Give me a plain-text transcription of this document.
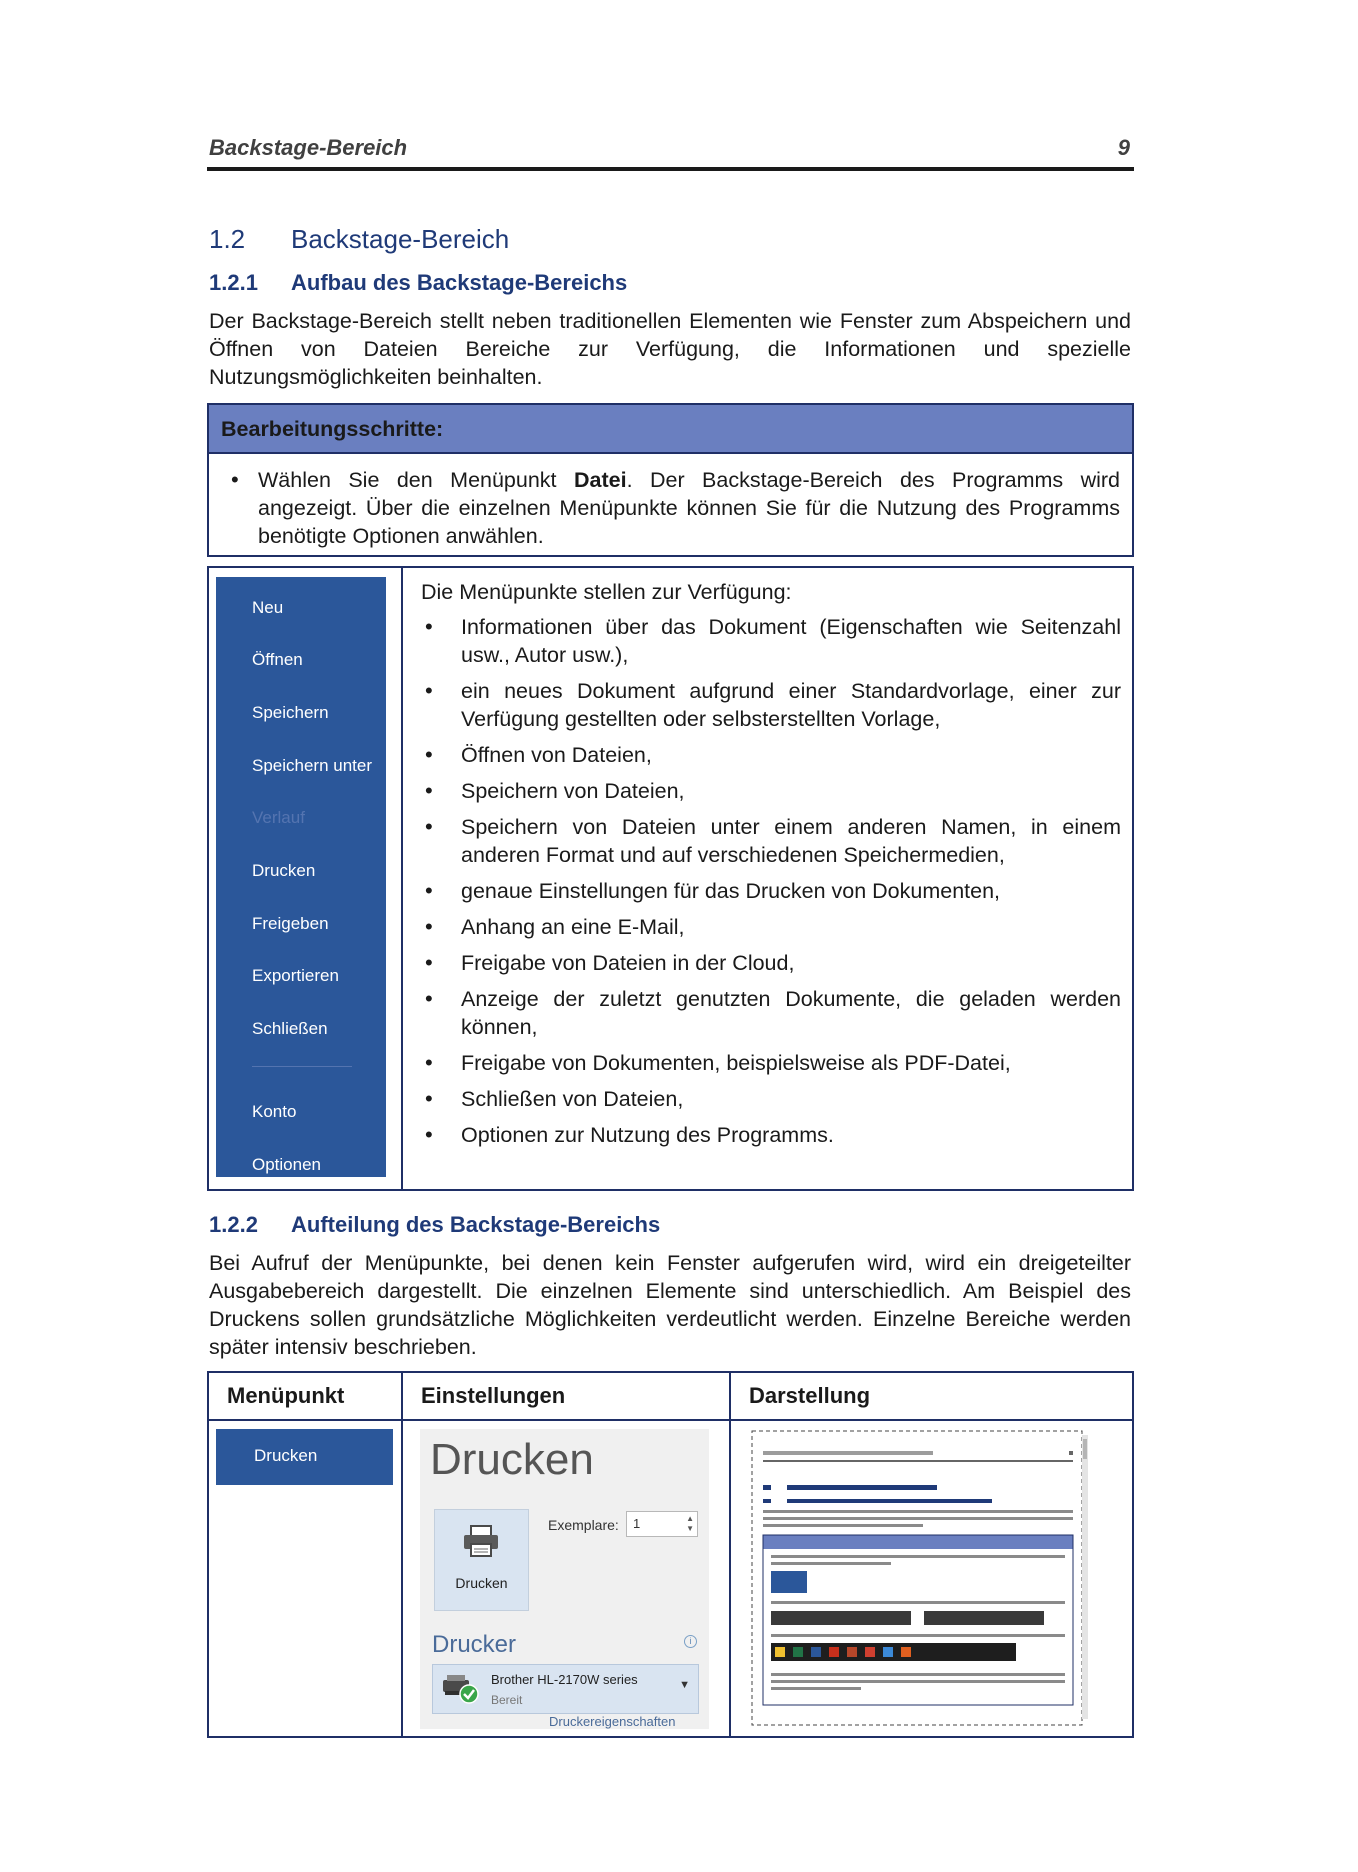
Backstage-Bereich	9
1.2 Backstage-Bereich
1.2.1 Aufbau des Backstage-Bereichs
Der Backstage-Bereich stellt neben traditionellen Elementen wie Fenster zum Abspeichern und Öffnen von Dateien Bereiche zur Verfügung, die Informationen und spezielle Nutzungsmöglichkeiten beinhalten.
Bearbeitungsschritte:
• Wählen Sie den Menüpunkt Datei. Der Backstage-Bereich des Programms wird angezeigt. Über die einzelnen Menüpunkte können Sie für die Nutzung des Programms benötigte Optionen anwählen.
Neu
Öffnen
Speichern
Speichern unter
Verlauf
Drucken
Freigeben
Exportieren
Schließen
Konto
Optionen
Die Menüpunkte stellen zur Verfügung:
• Informationen über das Dokument (Eigenschaften wie Seitenzahl usw., Autor usw.),
• ein neues Dokument aufgrund einer Standardvorlage, einer zur Verfügung gestellten oder selbsterstellten Vorlage,
• Öffnen von Dateien,
• Speichern von Dateien,
• Speichern von Dateien unter einem anderen Namen, in einem anderen Format und auf verschiedenen Speichermedien,
• genaue Einstellungen für das Drucken von Dokumenten,
• Anhang an eine E-Mail,
• Freigabe von Dateien in der Cloud,
• Anzeige der zuletzt genutzten Dokumente, die geladen werden können,
• Freigabe von Dokumenten, beispielsweise als PDF-Datei,
• Schließen von Dateien,
• Optionen zur Nutzung des Programms.
1.2.2 Aufteilung des Backstage-Bereichs
Bei Aufruf der Menüpunkte, bei denen kein Fenster aufgerufen wird, wird ein dreigeteilter Ausgabebereich dargestellt. Die einzelnen Elemente sind unterschiedlich. Am Beispiel des Druckens sollen grundsätzliche Möglichkeiten verdeutlicht werden. Einzelne Bereiche werden später intensiv beschrieben.
Menüpunkt	Einstellungen	Darstellung
Drucken	Drucken
Drucken
Exemplare: 1	▲
▼
Drucker	i
Brother HL-2170W series
Bereit
▼
Druckereigenschaften
